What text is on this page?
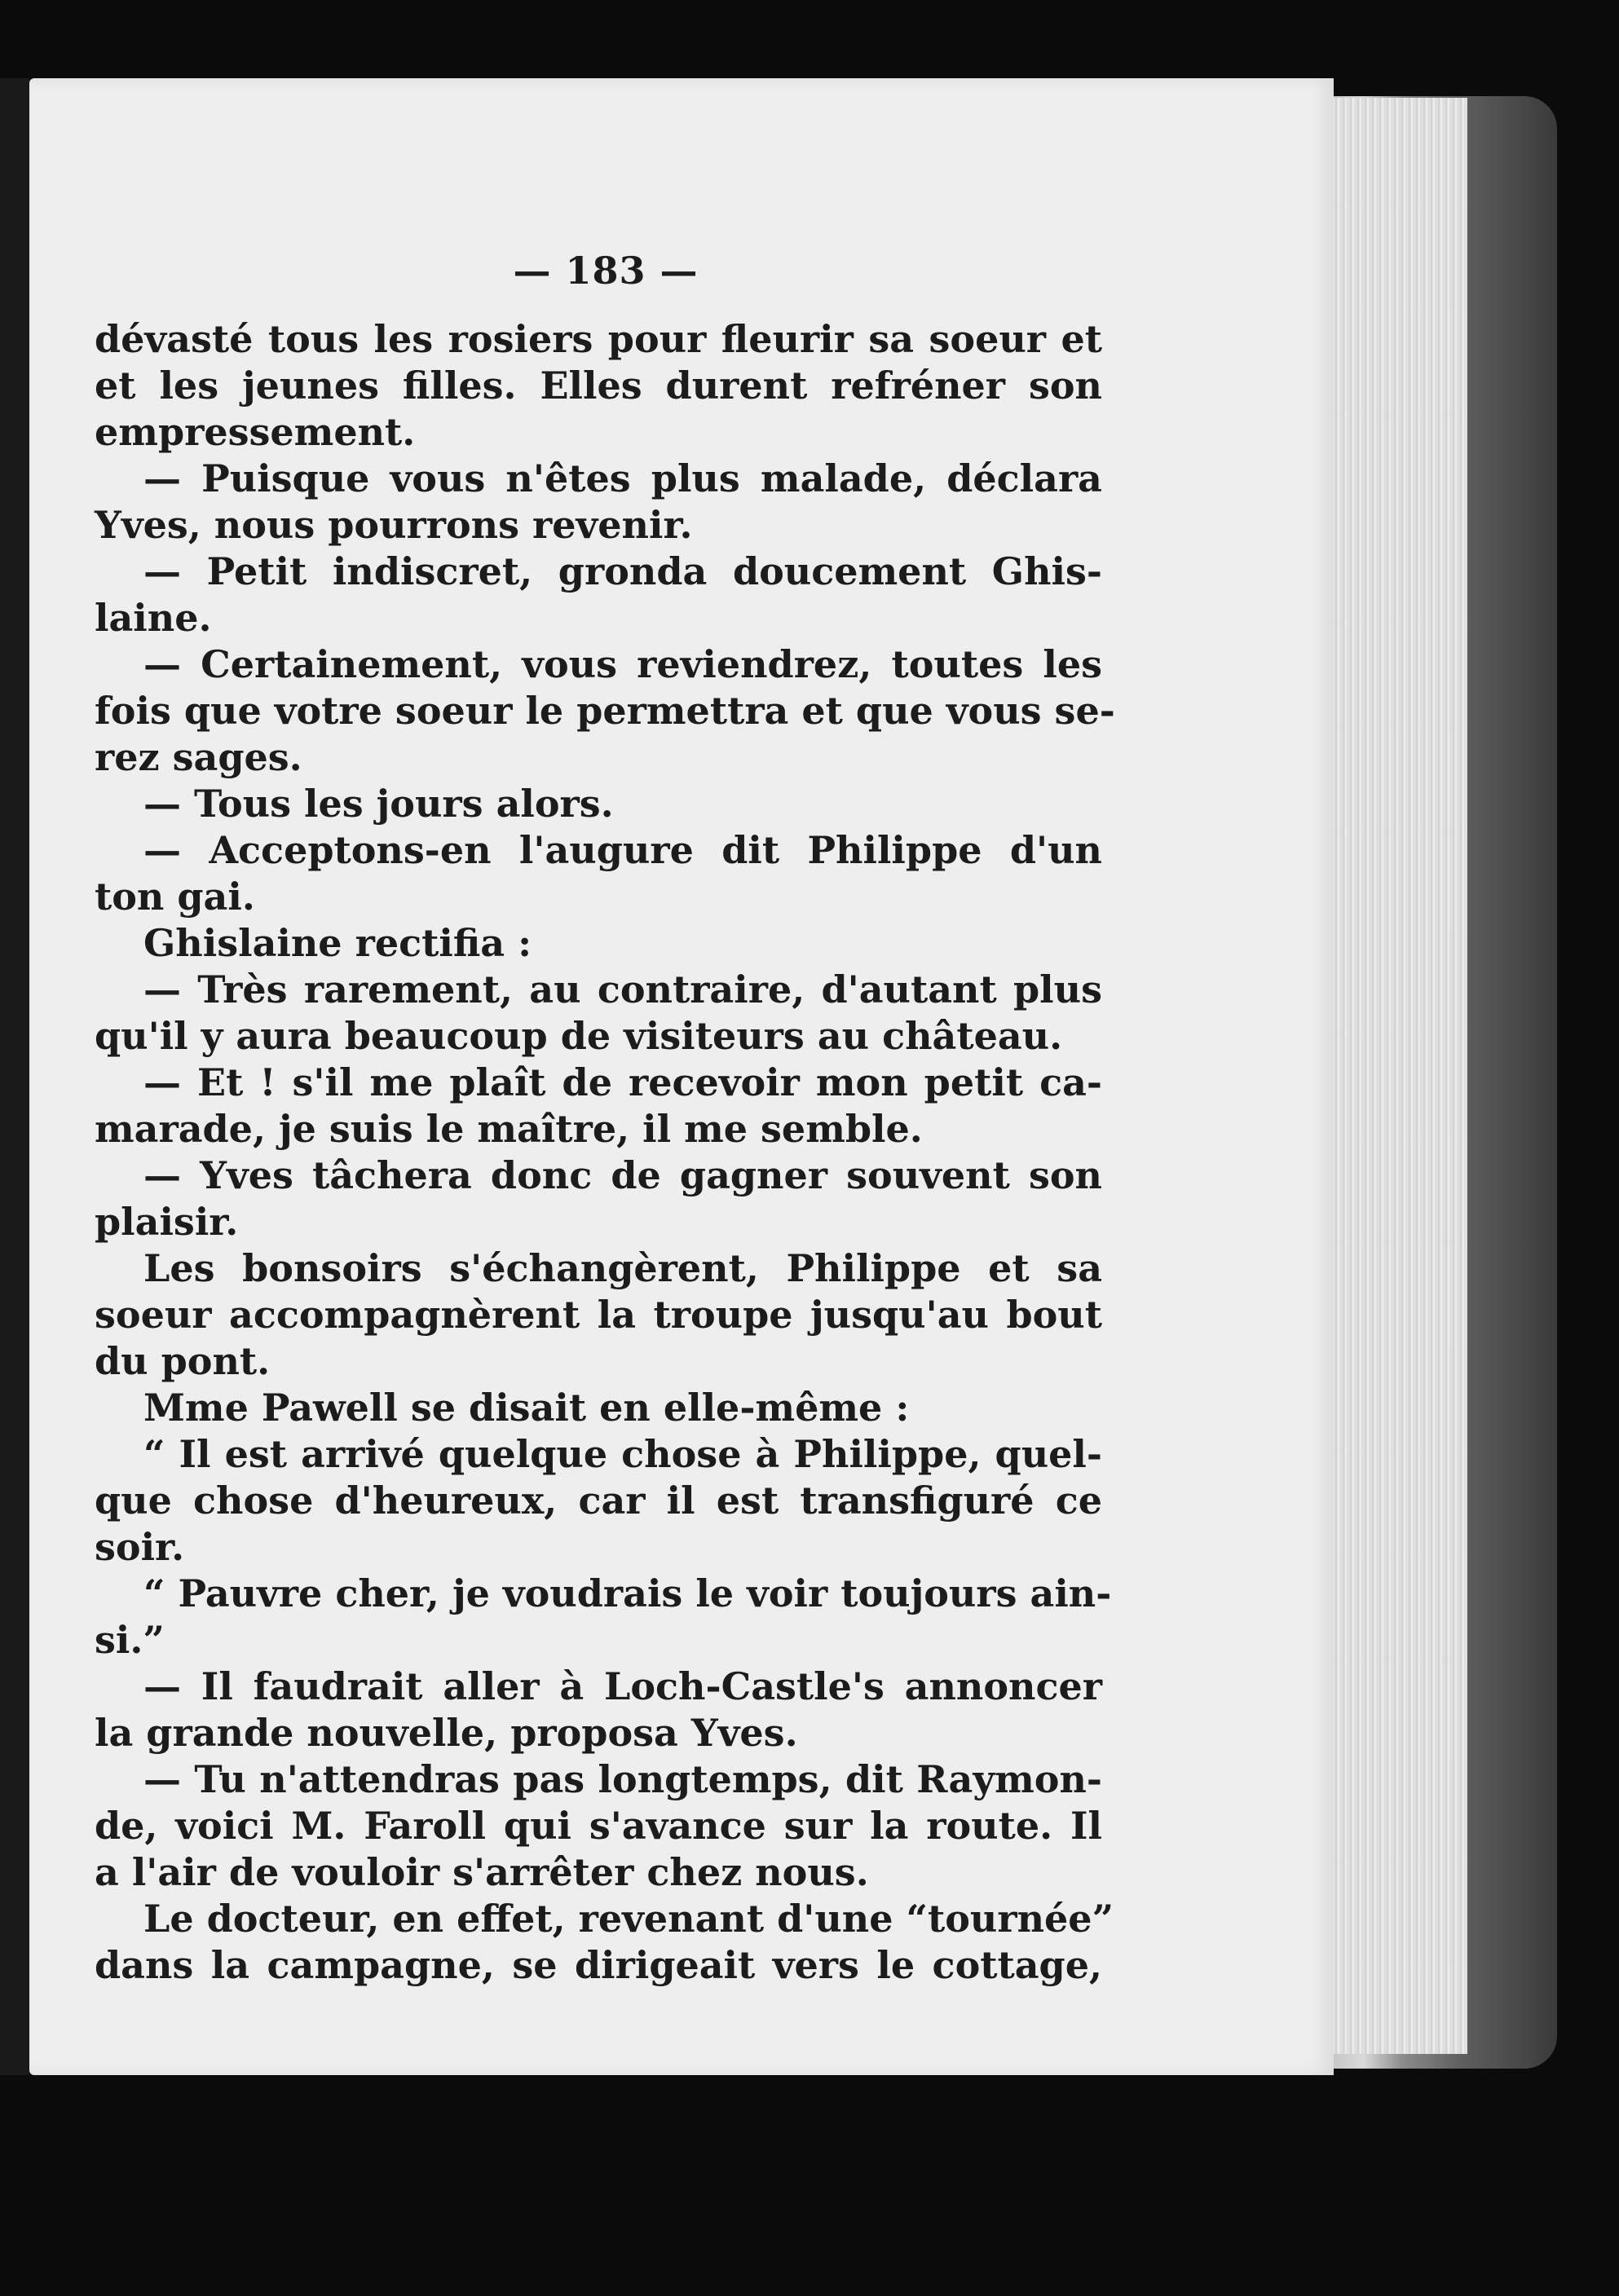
— 183 —
dévasté tous les rosiers pour fleurir sa soeur et
et les jeunes filles. Elles durent refréner son
empressement.
— Puisque vous n'êtes plus malade, déclara
Yves, nous pourrons revenir.
— Petit indiscret, gronda doucement Ghis-
laine.
— Certainement, vous reviendrez, toutes les
fois que votre soeur le permettra et que vous se-
rez sages.
— Tous les jours alors.
— Acceptons-en l'augure dit Philippe d'un
ton gai.
Ghislaine rectifia :
— Très rarement, au contraire, d'autant plus
qu'il y aura beaucoup de visiteurs au château.
— Et ! s'il me plaît de recevoir mon petit ca-
marade, je suis le maître, il me semble.
— Yves tâchera donc de gagner souvent son
plaisir.
Les bonsoirs s'échangèrent, Philippe et sa
soeur accompagnèrent la troupe jusqu'au bout
du pont.
Mme Pawell se disait en elle-même :
“ Il est arrivé quelque chose à Philippe, quel-
que chose d'heureux, car il est transfiguré ce
soir.
“ Pauvre cher, je voudrais le voir toujours ain-
si.”
— Il faudrait aller à Loch-Castle's annoncer
la grande nouvelle, proposa Yves.
— Tu n'attendras pas longtemps, dit Raymon-
de, voici M. Faroll qui s'avance sur la route. Il
a l'air de vouloir s'arrêter chez nous.
Le docteur, en effet, revenant d'une “tournée”
dans la campagne, se dirigeait vers le cottage,
